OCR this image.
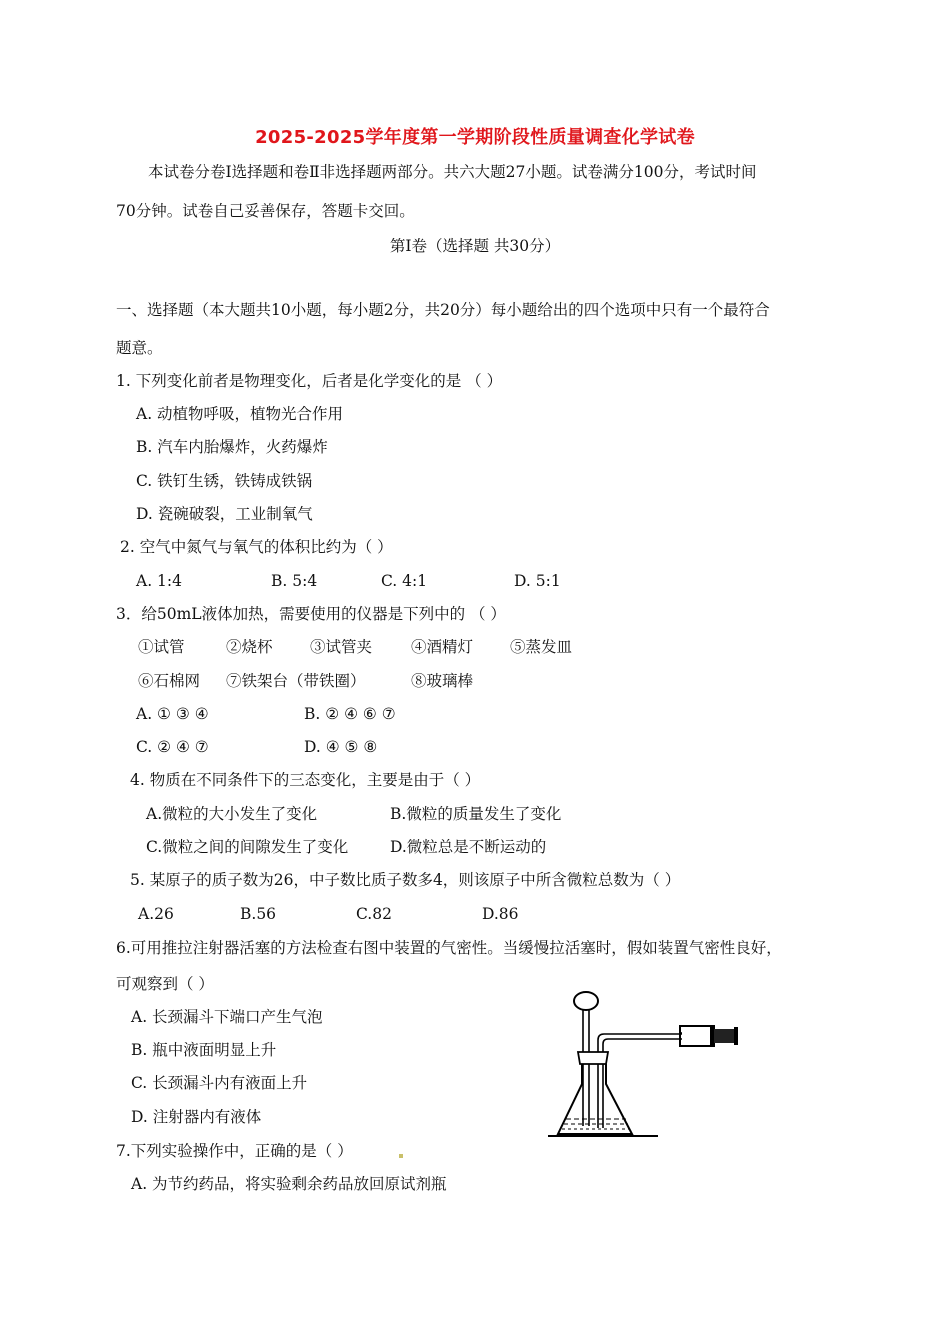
2025-2025学年度第一学期阶段性质量调查化学试卷
本试卷分卷Ⅰ选择题和卷Ⅱ非选择题两部分。共六大题27小题。试卷满分100分，考试时间
70分钟。试卷自己妥善保存，答题卡交回。
第Ⅰ卷（选择题 共30分）
一、选择题（本大题共10小题，每小题2分，共20分）每小题给出的四个选项中只有一个最符合
题意。
1. 下列变化前者是物理变化，后者是化学变化的是 （ ）
A. 动植物呼吸，植物光合作用
B. 汽车内胎爆炸，火药爆炸
C. 铁钉生锈，铁铸成铁锅
D. 瓷碗破裂，工业制氧气
2. 空气中氮气与氧气的体积比约为（ ）
A. 1:4	B. 5:4	C. 4:1	D. 5:1
3．给50mL液体加热，需要使用的仪器是下列中的 （ ）
①试管	②烧杯 ③试管夹	④酒精灯 ⑤蒸发皿
⑥石棉网 ⑦铁架台（带铁圈）	⑧玻璃棒
A. ① ③ ④	B. ② ④ ⑥ ⑦
C. ② ④ ⑦	D. ④ ⑤ ⑧
4. 物质在不同条件下的三态变化，主要是由于（ ）
A.微粒的大小发生了变化	B.微粒的质量发生了变化
C.微粒之间的间隙发生了变化	D.微粒总是不断运动的
5. 某原子的质子数为26，中子数比质子数多4，则该原子中所含微粒总数为（ ）
A.26	B.56	C.82	D.86
6.可用推拉注射器活塞的方法检查右图中装置的气密性。当缓慢拉活塞时，假如装置气密性良好，
可观察到（ ）
A. 长颈漏斗下端口产生气泡
B. 瓶中液面明显上升
C. 长颈漏斗内有液面上升
D. 注射器内有液体
7.下列实验操作中，正确的是（ ）
A. 为节约药品，将实验剩余药品放回原试剂瓶
